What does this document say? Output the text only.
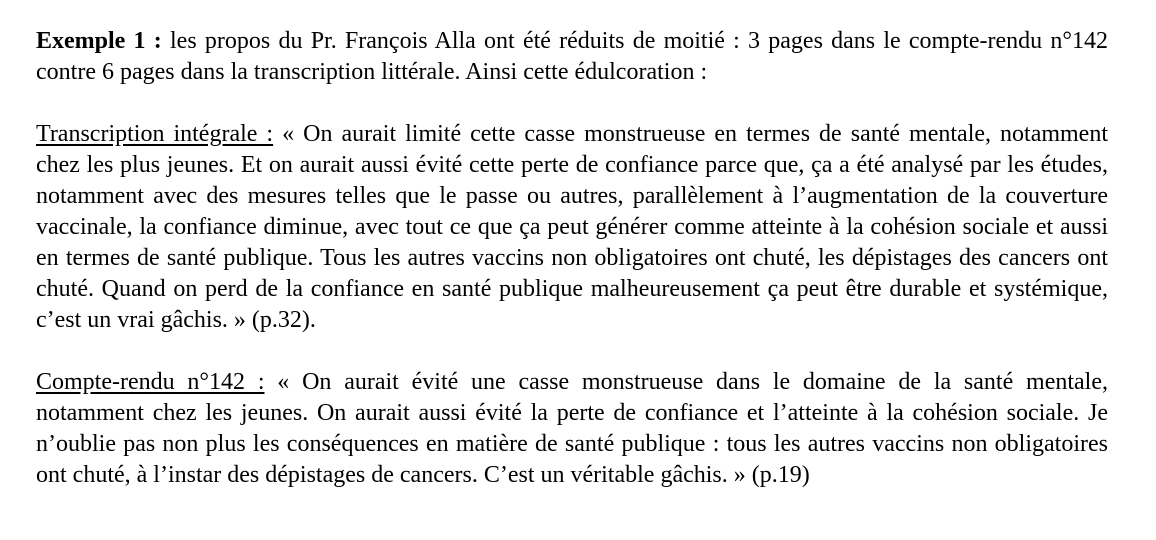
Exemple 1 : les propos du Pr. François Alla ont été réduits de moitié : 3 pages dans le compte-rendu n°142 contre 6 pages dans la transcription littérale. Ainsi cette édulcoration :

Transcription intégrale : « On aurait limité cette casse monstrueuse en termes de santé mentale, notamment chez les plus jeunes. Et on aurait aussi évité cette perte de confiance parce que, ça a été analysé par les études, notamment avec des mesures telles que le passe ou autres, parallèlement à l’augmentation de la couverture vaccinale, la confiance diminue, avec tout ce que ça peut générer comme atteinte à la cohésion sociale et aussi en termes de santé publique. Tous les autres vaccins non obligatoires ont chuté, les dépistages des cancers ont chuté. Quand on perd de la confiance en santé publique malheureusement ça peut être durable et systémique, c’est un vrai gâchis. » (p.32).

Compte-rendu n°142 : « On aurait évité une casse monstrueuse dans le domaine de la santé mentale, notamment chez les jeunes. On aurait aussi évité la perte de confiance et l’atteinte à la cohésion sociale. Je n’oublie pas non plus les conséquences en matière de santé publique : tous les autres vaccins non obligatoires ont chuté, à l’instar des dépistages de cancers. C’est un véritable gâchis. » (p.19)
